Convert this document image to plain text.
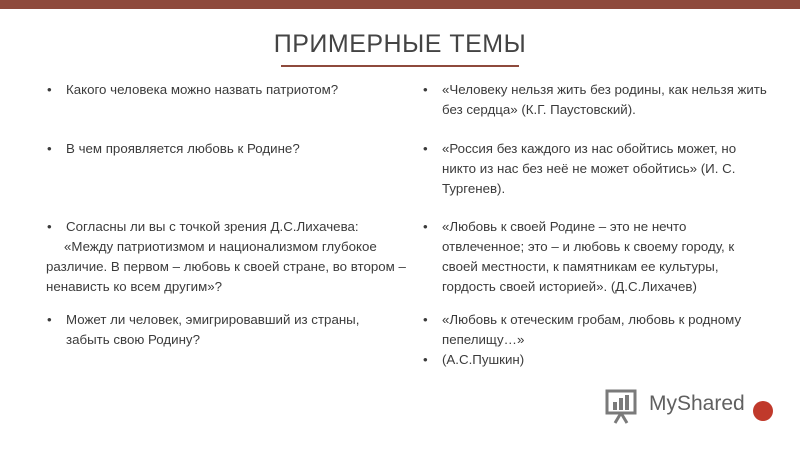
ПРИМЕРНЫЕ ТЕМЫ
• Какого человека можно назвать патриотом?
• В чем проявляется любовь к Родине?
• Согласны ли вы с точкой зрения Д.С.Лихачева:
«Между патриотизмом и национализмом глубокое
различие. В первом – любовь к своей стране, во втором –
ненависть ко всем другим»?
• Может ли человек, эмигрировавший из страны,
забыть свою Родину?
• «Человеку нельзя жить без родины, как нельзя жить
без сердца» (К.Г. Паустовский).
• «Россия без каждого из нас обойтись может, но
никто из нас без неё не может обойтись» (И. С.
Тургенев).
• «Любовь к своей Родине – это не нечто
отвлеченное; это – и любовь к своему городу, к
своей местности, к памятникам ее культуры,
гордость своей историей». (Д.С.Лихачев)
• «Любовь к отеческим гробам, любовь к родному
пепелищу…»
• (А.С.Пушкин)
MyShared
